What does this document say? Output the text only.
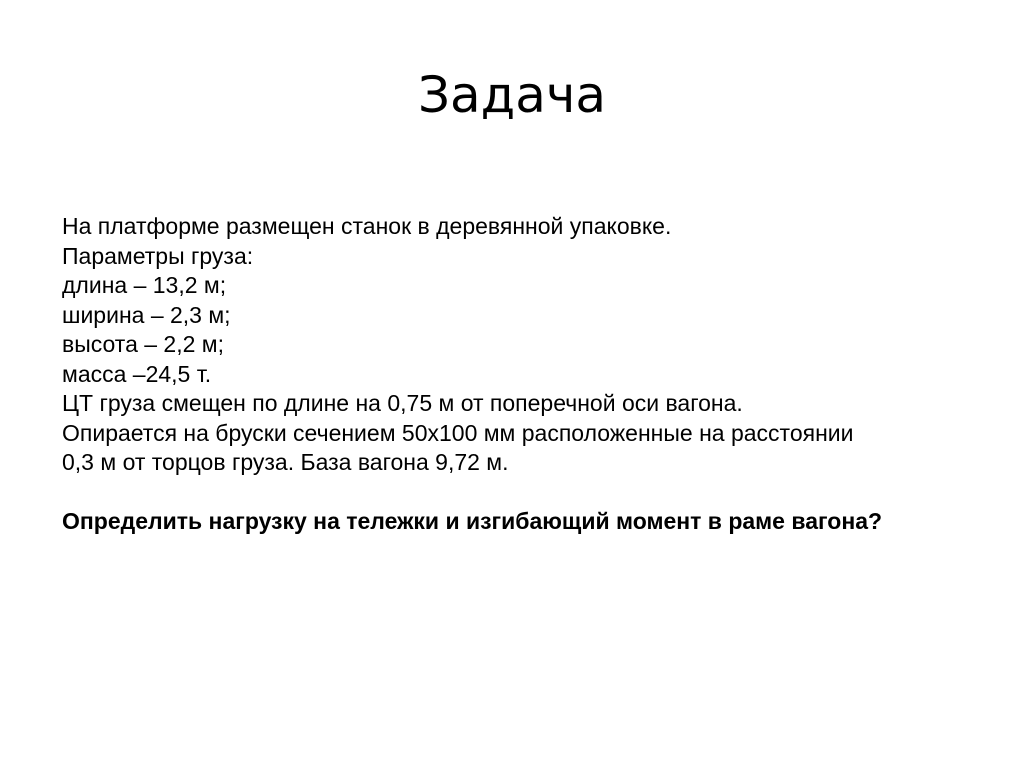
Задача

На платформе размещен станок в деревянной упаковке.

Параметры груза:

длина – 13,2 м;

ширина – 2,3 м;

высота – 2,2 м;

масса –24,5 т.

ЦТ груза смещен по длине на 0,75 м от поперечной оси вагона.

Опирается на бруски сечением 50х100 мм расположенные на расстоянии

0,3 м от торцов груза. База вагона 9,72 м.

Определить нагрузку на тележки и изгибающий момент в раме вагона?
